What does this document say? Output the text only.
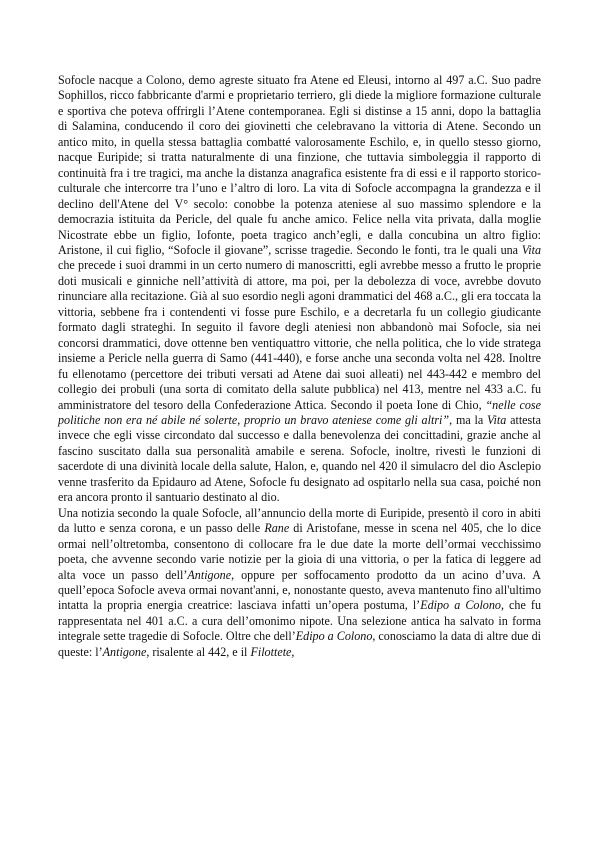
Sofocle nacque a Colono, demo agreste situato fra Atene ed Eleusi, intorno al 497 a.C. Suo padre Sophillos, ricco fabbricante d'armi e proprietario terriero, gli diede la migliore formazione culturale e sportiva che poteva offrirgli l’Atene contemporanea. Egli si distinse a 15 anni, dopo la battaglia di Salamina, conducendo il coro dei giovinetti che celebravano la vittoria di Atene. Secondo un antico mito, in quella stessa battaglia combatté valorosamente Eschilo, e, in quello stesso giorno, nacque Euripide; si tratta naturalmente di una finzione, che tuttavia simboleggia il rapporto di continuità fra i tre tragici, ma anche la distanza anagrafica esistente fra di essi e il rapporto storico-culturale che intercorre tra l’uno e l’altro di loro. La vita di Sofocle accompagna la grandezza e il declino dell'Atene del V° secolo: conobbe la potenza ateniese al suo massimo splendore e la democrazia istituita da Pericle, del quale fu anche amico. Felice nella vita privata, dalla moglie Nicostrate ebbe un figlio, Iofonte, poeta tragico anch’egli, e dalla concubina un altro figlio: Aristone, il cui figlio, “Sofocle il giovane”, scrisse tragedie. Secondo le fonti, tra le quali una Vita che precede i suoi drammi in un certo numero di manoscritti, egli avrebbe messo a frutto le proprie doti musicali e ginniche nell’attività di attore, ma poi, per la debolezza di voce, avrebbe dovuto rinunciare alla recitazione. Già al suo esordio negli agoni drammatici del 468 a.C., gli era toccata la vittoria, sebbene fra i contendenti vi fosse pure Eschilo, e a decretarla fu un collegio giudicante formato dagli strateghi. In seguito il favore degli ateniesi non abbandonò mai Sofocle, sia nei concorsi drammatici, dove ottenne ben ventiquattro vittorie, che nella politica, che lo vide stratega insieme a Pericle nella guerra di Samo (441-440), e forse anche una seconda volta nel 428. Inoltre fu ellenotamo (percettore dei tributi versati ad Atene dai suoi alleati) nel 443-442 e membro del collegio dei probuli (una sorta di comitato della salute pubblica) nel 413, mentre nel 433 a.C. fu amministratore del tesoro della Confederazione Attica. Secondo il poeta Ione di Chio, “nelle cose politiche non era né abile né solerte, proprio un bravo ateniese come gli altri”, ma la Vita attesta invece che egli visse circondato dal successo e dalla benevolenza dei concittadini, grazie anche al fascino suscitato dalla sua personalità amabile e serena. Sofocle, inoltre, rivestì le funzioni di sacerdote di una divinità locale della salute, Halon, e, quando nel 420 il simulacro del dio Asclepio venne trasferito da Epidauro ad Atene, Sofocle fu designato ad ospitarlo nella sua casa, poiché non era ancora pronto il santuario destinato al dio.

Una notizia secondo la quale Sofocle, all’annuncio della morte di Euripide, presentò il coro in abiti da lutto e senza corona, e un passo delle Rane di Aristofane, messe in scena nel 405, che lo dice ormai nell’oltretomba, consentono di collocare fra le due date la morte dell’ormai vecchissimo poeta, che avvenne secondo varie notizie per la gioia di una vittoria, o per la fatica di leggere ad alta voce un passo dell’Antigone, oppure per soffocamento prodotto da un acino d’uva. A quell’epoca Sofocle aveva ormai novant'anni, e, nonostante questo, aveva mantenuto fino all'ultimo intatta la propria energia creatrice: lasciava infatti un’opera postuma, l’Edipo a Colono, che fu rappresentata nel 401 a.C. a cura dell’omonimo nipote. Una selezione antica ha salvato in forma integrale sette tragedie di Sofocle. Oltre che dell’Edipo a Colono, conosciamo la data di altre due di queste: l’Antigone, risalente al 442, e il Filottete,
